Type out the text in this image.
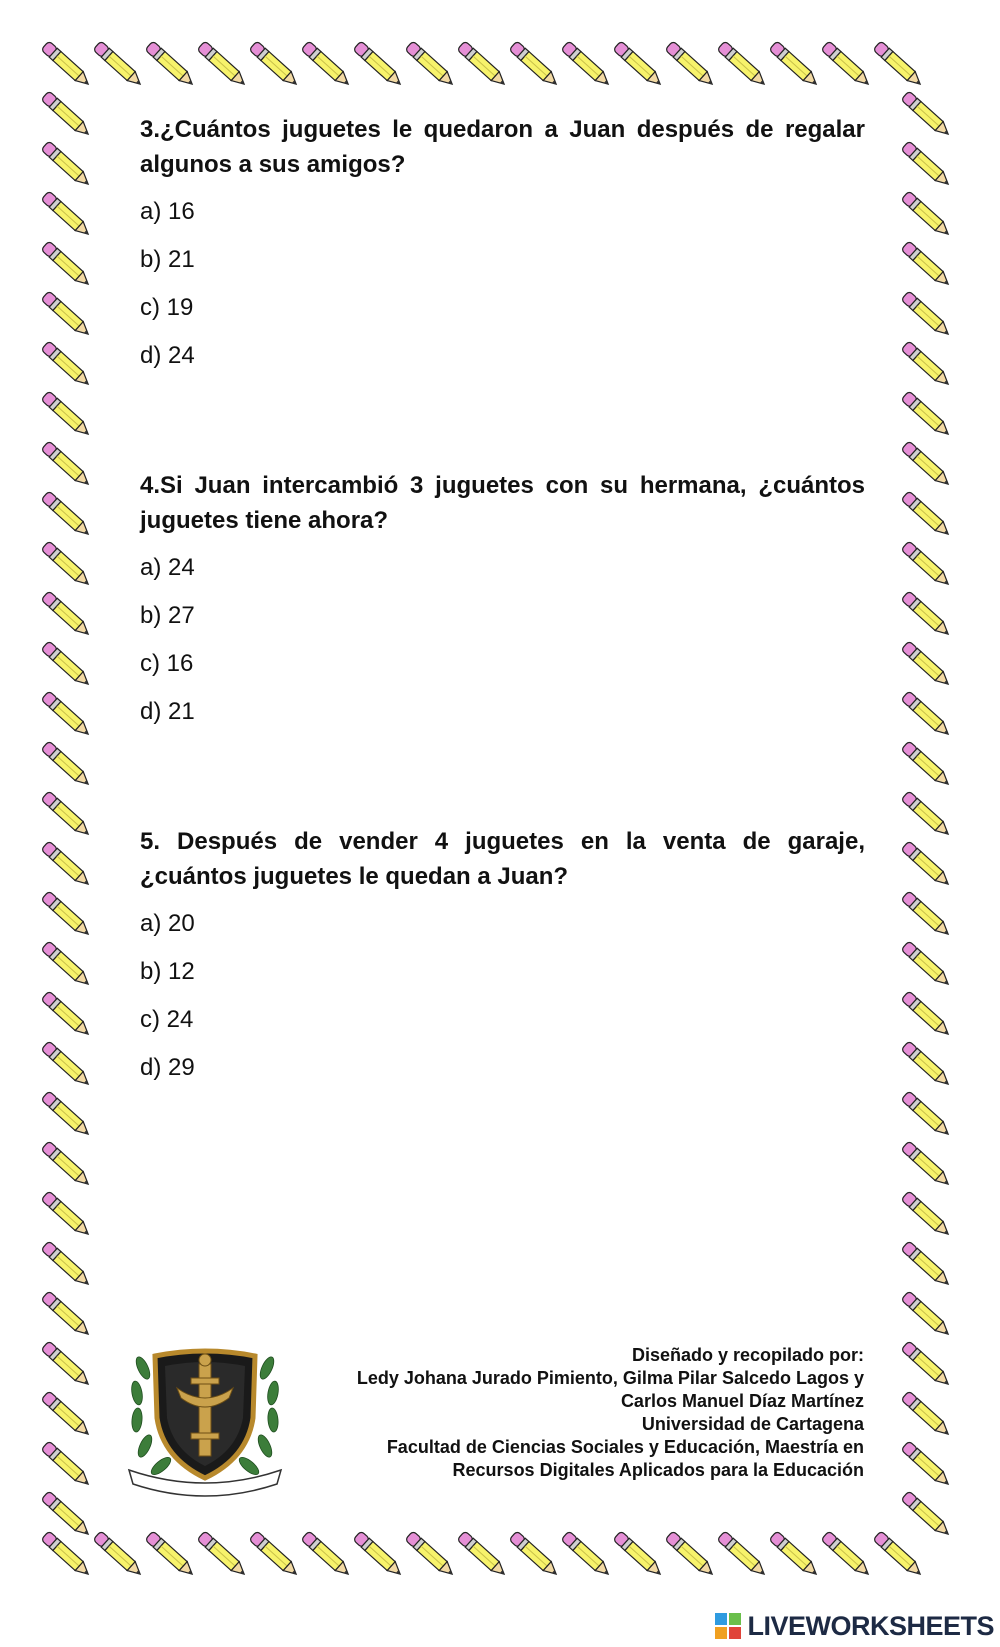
3.¿Cuántos juguetes le quedaron a Juan después de regalar algunos a sus amigos?

a) 16

b) 21

c) 19

d) 24

4.Si Juan intercambió 3 juguetes con su hermana, ¿cuántos juguetes tiene ahora?

a) 24

b) 27

c) 16

d) 21

5. Después de vender 4 juguetes en la venta de garaje, ¿cuántos juguetes le quedan a Juan?

a) 20

b) 12

c) 24

d) 29

Diseñado y recopilado por:
Ledy Johana Jurado Pimiento, Gilma Pilar Salcedo Lagos y
Carlos Manuel Díaz Martínez
Universidad de Cartagena
Facultad de Ciencias Sociales y Educación, Maestría en
Recursos Digitales Aplicados para la Educación
LIVEWORKSHEETS
